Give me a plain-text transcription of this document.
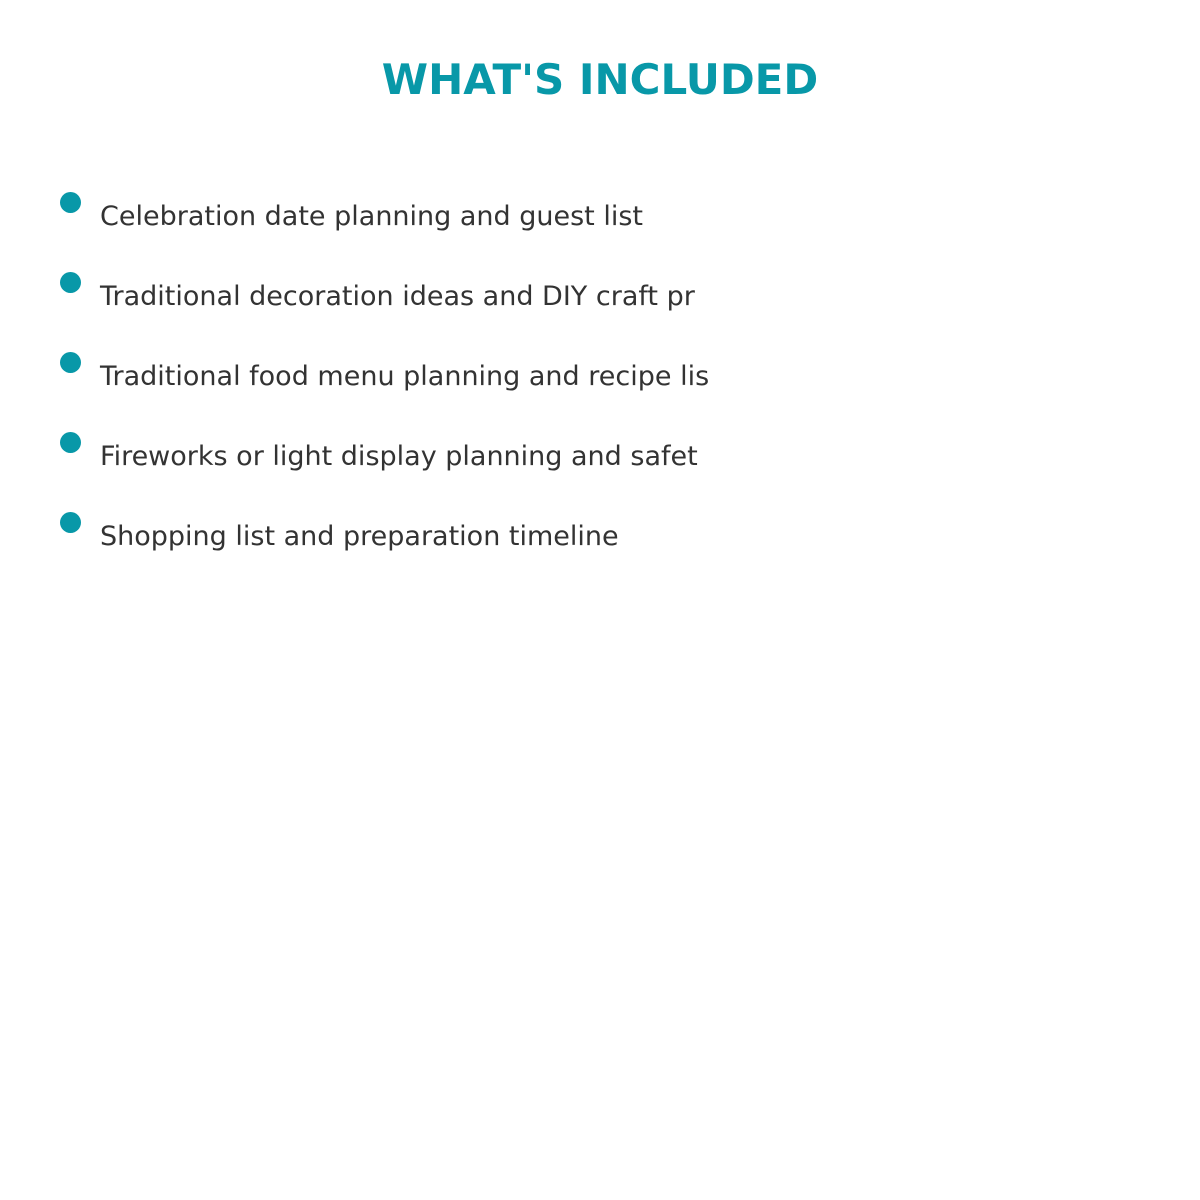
WHAT'S INCLUDED
Celebration date planning and guest list
Traditional decoration ideas and DIY craft pr
Traditional food menu planning and recipe lis
Fireworks or light display planning and safet
Shopping list and preparation timeline
